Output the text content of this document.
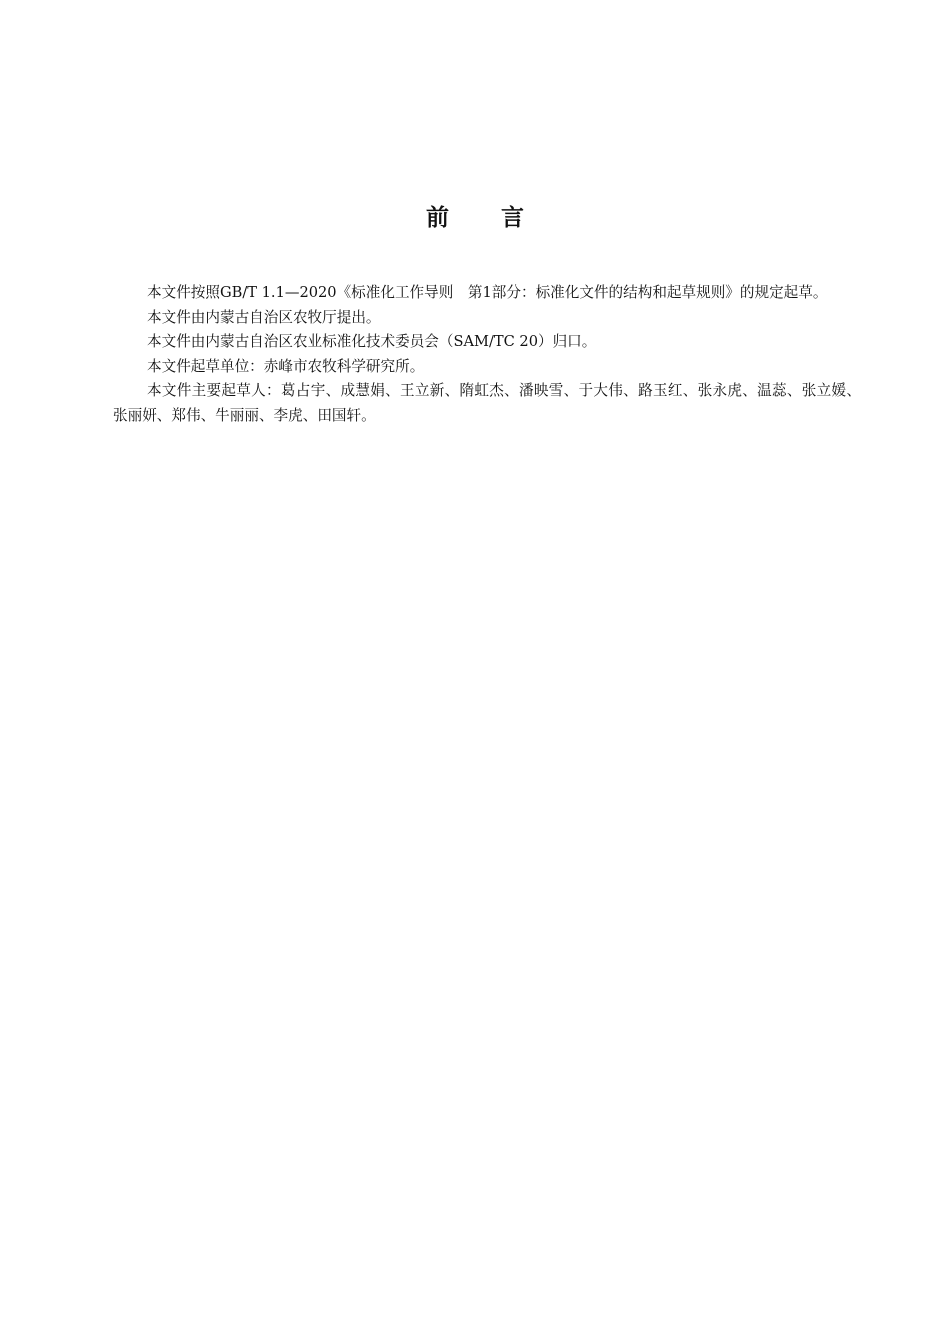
前 言

本文件按照GB/T 1.1—2020《标准化工作导则　第1部分：标准化文件的结构和起草规则》的规定起草。

本文件由内蒙古自治区农牧厅提出。

本文件由内蒙古自治区农业标准化技术委员会（SAM/TC 20）归口。

本文件起草单位：赤峰市农牧科学研究所。

本文件主要起草人：葛占宇、成慧娟、王立新、隋虹杰、潘映雪、于大伟、路玉红、张永虎、温蕊、张立媛、张丽妍、郑伟、牛丽丽、李虎、田国轩。
